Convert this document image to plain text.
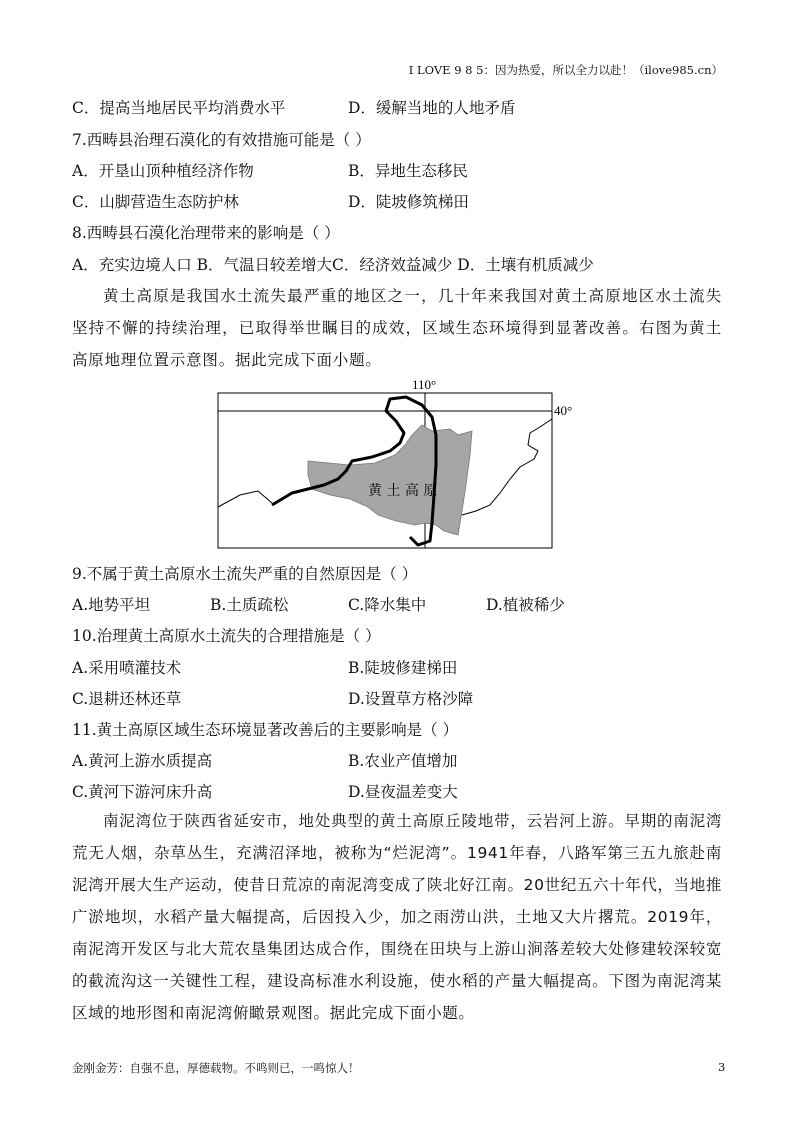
I LOVE 9 8 5：因为热爱，所以全力以赴！（ilove985.cn）
C．提高当地居民平均消费水平	D．缓解当地的人地矛盾
7.西畴县治理石漠化的有效措施可能是（ ）
A．开垦山顶种植经济作物	B．异地生态移民
C．山脚营造生态防护林	D．陡坡修筑梯田
8.西畴县石漠化治理带来的影响是（ ）
A．充实边境人口 B．气温日较差增大C．经济效益减少 D．土壤有机质减少
黄土高原是我国水土流失最严重的地区之一，几十年来我国对黄土高原地区水土流失坚持不懈的持续治理，已取得举世瞩目的成效，区域生态环境得到显著改善。右图为黄土高原地理位置示意图。据此完成下面小题。
110°
40°
黄 土 高 原
9.不属于黄土高原水土流失严重的自然原因是（ ）
A.地势平坦	B.土质疏松	C.降水集中	D.植被稀少
10.治理黄土高原水土流失的合理措施是（ ）
A.采用喷灌技术	B.陡坡修建梯田
C.退耕还林还草	D.设置草方格沙障
11.黄土高原区域生态环境显著改善后的主要影响是（ ）
A.黄河上游水质提高	B.农业产值增加
C.黄河下游河床升高	D.昼夜温差变大
南泥湾位于陕西省延安市，地处典型的黄土高原丘陵地带，云岩河上游。早期的南泥湾荒无人烟，杂草丛生，充满沼泽地，被称为“烂泥湾”。1941年春，八路军第三五九旅赴南泥湾开展大生产运动，使昔日荒凉的南泥湾变成了陕北好江南。20世纪五六十年代，当地推广淤地坝，水稻产量大幅提高，后因投入少，加之雨涝山洪，土地又大片撂荒。2019年，南泥湾开发区与北大荒农垦集团达成合作，围绕在田块与上游山涧落差较大处修建较深较宽的截流沟这一关键性工程，建设高标准水利设施，使水稻的产量大幅提高。下图为南泥湾某区域的地形图和南泥湾俯瞰景观图。据此完成下面小题。
金刚金芳：自强不息，厚德载物。不鸣则已，一鸣惊人！	3
